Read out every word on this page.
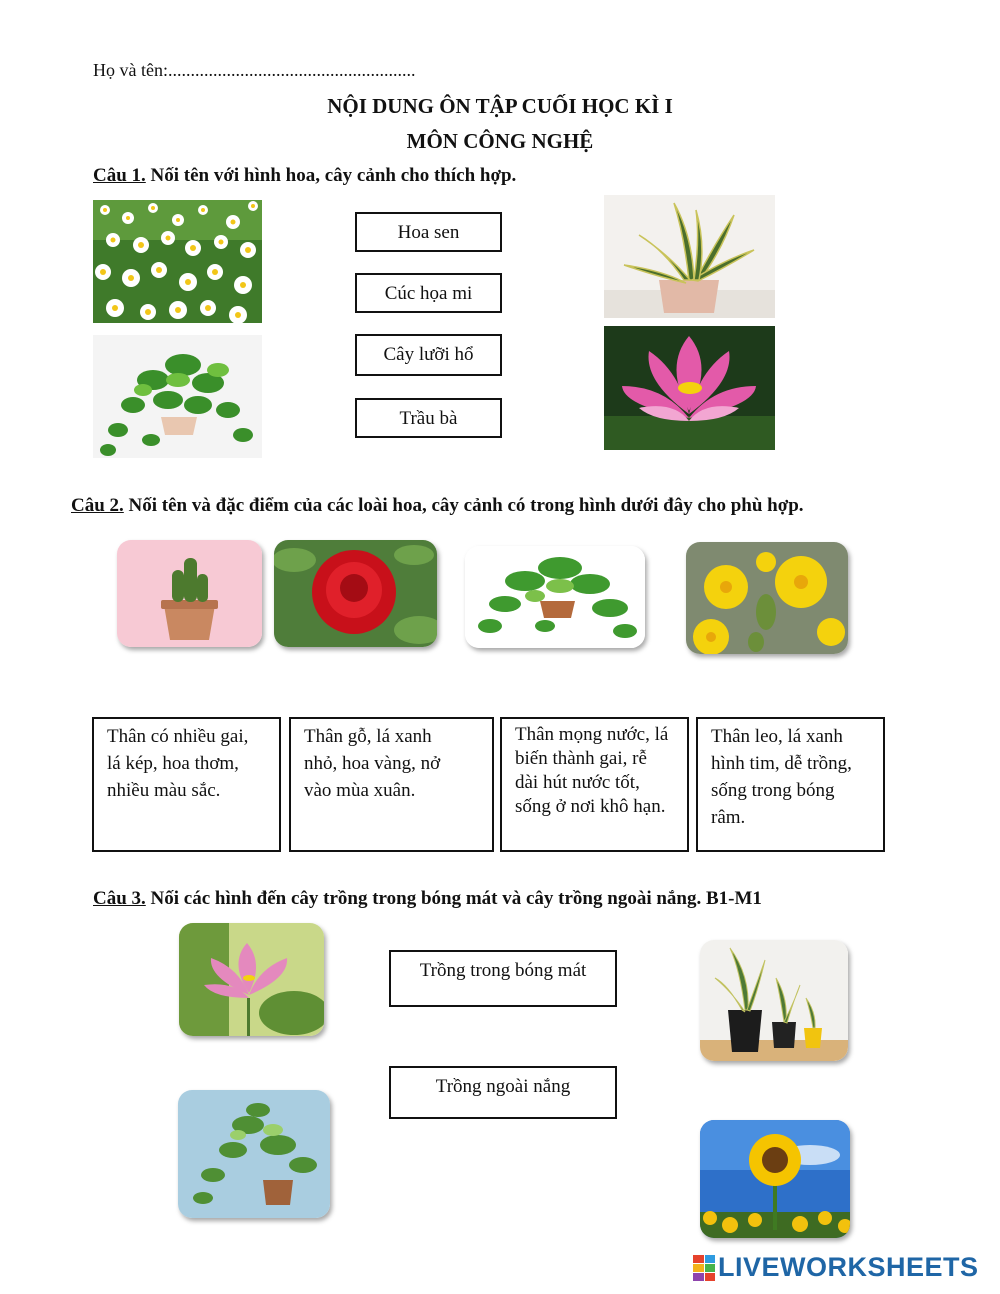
Họ và tên:.......................................................
NỘI DUNG ÔN TẬP CUỐI HỌC KÌ I
MÔN CÔNG NGHỆ
Câu 1. Nối tên với hình hoa, cây cảnh cho thích hợp.
Hoa sen
Cúc họa mi
Cây lưỡi hổ
Trầu bà
Câu 2. Nối tên và đặc điểm của các loài hoa, cây cảnh có trong hình dưới đây cho phù hợp.
Thân có nhiều gai,
lá kép, hoa thơm,
nhiều màu sắc.
Thân gỗ, lá xanh
nhỏ, hoa vàng, nở
vào mùa xuân.
Thân mọng nước, lá
biến thành gai, rễ
dài hút nước tốt,
sống ở nơi khô hạn.
Thân leo, lá xanh
hình tim, dễ trồng,
sống trong bóng
râm.
Câu 3. Nối các hình đến cây trồng trong bóng mát và cây trồng ngoài nắng. B1-M1
Trồng trong bóng mát
Trồng ngoài nắng
LIVEWORKSHEETS
